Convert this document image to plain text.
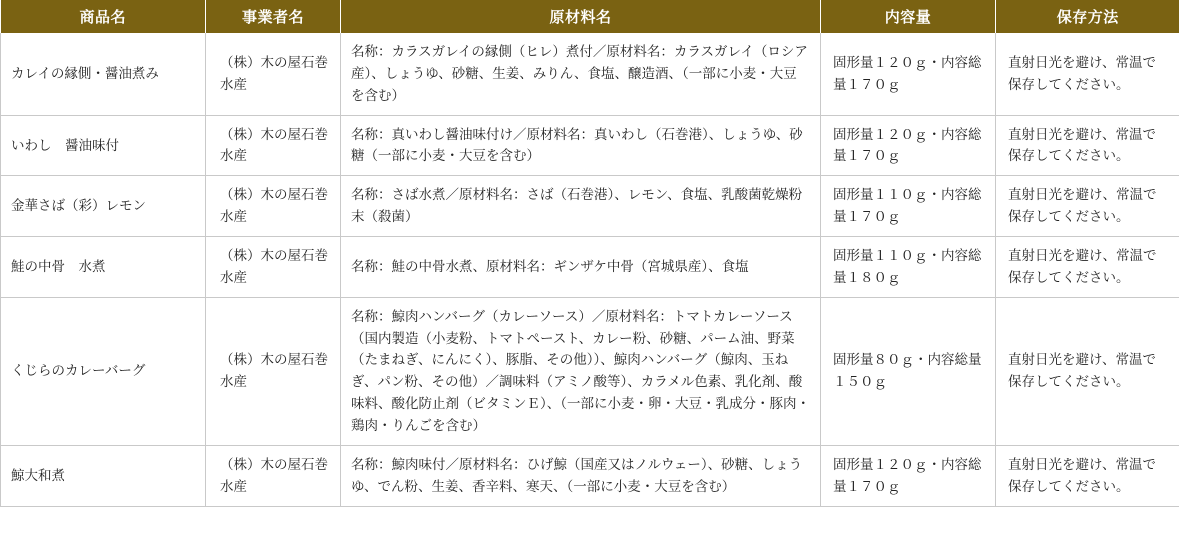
商品名	事業者名	原材料名	内容量	保存方法
カレイの縁側・醤油煮み	（株）木の屋石巻水産	名称：カラスガレイの縁側（ヒレ）煮付／原材料名：カラスガレイ（ロシア産）、しょうゆ、砂糖、生姜、みりん、食塩、醸造酒、（一部に小麦・大豆を含む）	固形量１２０ｇ・内容総量１７０ｇ	直射日光を避け、常温で保存してください。
いわし　醤油味付	（株）木の屋石巻水産	名称：真いわし醤油味付け／原材料名：真いわし（石巻港）、しょうゆ、砂糖（一部に小麦・大豆を含む）	固形量１２０ｇ・内容総量１７０ｇ	直射日光を避け、常温で保存してください。
金華さば（彩）レモン	（株）木の屋石巻水産	名称：さば水煮／原材料名：さば（石巻港）、レモン、食塩、乳酸菌乾燥粉末（殺菌）	固形量１１０ｇ・内容総量１７０ｇ	直射日光を避け、常温で保存してください。
鮭の中骨　水煮	（株）木の屋石巻水産	名称：鮭の中骨水煮、原材料名：ギンザケ中骨（宮城県産）、食塩	固形量１１０ｇ・内容総量１８０ｇ	直射日光を避け、常温で保存してください。
くじらのカレーバーグ	（株）木の屋石巻水産	名称：鯨肉ハンバーグ（カレーソース）／原材料名：トマトカレーソース（国内製造（小麦粉、トマトペースト、カレー粉、砂糖、パーム油、野菜（たまねぎ、にんにく）、豚脂、その他））、鯨肉ハンバーグ（鯨肉、玉ねぎ、パン粉、その他）／調味料（アミノ酸等）、カラメル色素、乳化剤、酸味料、酸化防止剤（ビタミンＥ）、（一部に小麦・卵・大豆・乳成分・豚肉・鶏肉・りんごを含む）	固形量８０ｇ・内容総量１５０ｇ	直射日光を避け、常温で保存してください。
鯨大和煮	（株）木の屋石巻水産	名称：鯨肉味付／原材料名：ひげ鯨（国産又はノルウェー）、砂糖、しょうゆ、でん粉、生姜、香辛料、寒天、（一部に小麦・大豆を含む）	固形量１２０ｇ・内容総量１７０ｇ	直射日光を避け、常温で保存してください。
